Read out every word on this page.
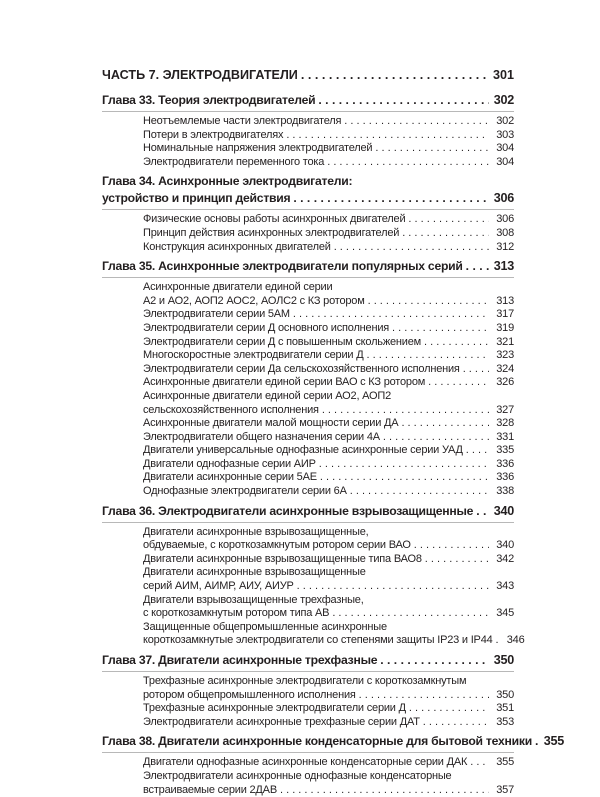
ЧАСТЬ 7. ЭЛЕКТРОДВИГАТЕЛИ . . .	301
Глава 33. Теория электродвигателей . . .	302
Неотъемлемые части электродвигателя . . .	302
Потери в электродвигателях . . .	303
Номинальные напряжения электродвигателей . . .	304
Электродвигатели переменного тока . . .	304
Глава 34. Асинхронные электродвигатели:
устройство и принцип действия . . .	306
Физические основы работы асинхронных двигателей . . .	306
Принцип действия асинхронных электродвигателей . . .	308
Конструкция асинхронных двигателей . . .	312
Глава 35. Асинхронные электродвигатели популярных серий . . . 313
Асинхронные двигатели единой серии
А2 и АО2, АОП2 АОС2, АОЛС2 с КЗ ротором . . .	313
Электродвигатели серии 5АМ . . .	317
Электродвигатели серии Д основного исполнения . . .	319
Электродвигатели серии Д с повышенным скольжением . . .	321
Многоскоростные электродвигатели серии Д . . .	323
Электродвигатели серии Да сельскохозяйственного исполнения . . .	324
Асинхронные двигатели единой серии ВАО с КЗ ротором . . .	326
Асинхронные двигатели единой серии АО2, АОП2
сельскохозяйственного исполнения . . .	327
Асинхронные двигатели малой мощности серии ДА . . .	328
Электродвигатели общего назначения серии 4А . . .	331
Двигатели универсальные однофазные асинхронные серии УАД . . .	335
Двигатели однофазные серии АИР . . .	336
Двигатели асинхронные серии 5АЕ . . .	336
Однофазные электродвигатели серии 6А . . .	338
Глава 36. Электродвигатели асинхронные взрывозащищенные . . . 340
Двигатели асинхронные взрывозащищенные,
обдуваемые, с короткозамкнутым ротором серии ВАО . . .	340
Двигатели асинхронные взрывозащищенные типа ВАО8 . . .	342
Двигатели асинхронные взрывозащищенные
серий АИМ, АИМР, АИУ, АИУР . . .	343
Двигатели взрывозащищенные трехфазные,
с короткозамкнутым ротором типа АВ . . .	345
Защищенные общепромышленные асинхронные
короткозамкнутые электродвигатели со степенями защиты IP23 и IP44 . . .	346
Глава 37. Двигатели асинхронные трехфазные . . .	350
Трехфазные асинхронные электродвигатели с короткозамкнутым
ротором общепромышленного исполнения . . .	350
Трехфазные асинхронные электродвигатели серии Д . . .	351
Электродвигатели асинхронные трехфазные серии ДАТ . . .	353
Глава 38. Двигатели асинхронные конденсаторные для бытовой техники . . . 355
Двигатели однофазные асинхронные конденсаторные серии ДАК . . .	355
Электродвигатели асинхронные однофазные конденсаторные
встраиваемые серии 2ДАВ . . .	357
